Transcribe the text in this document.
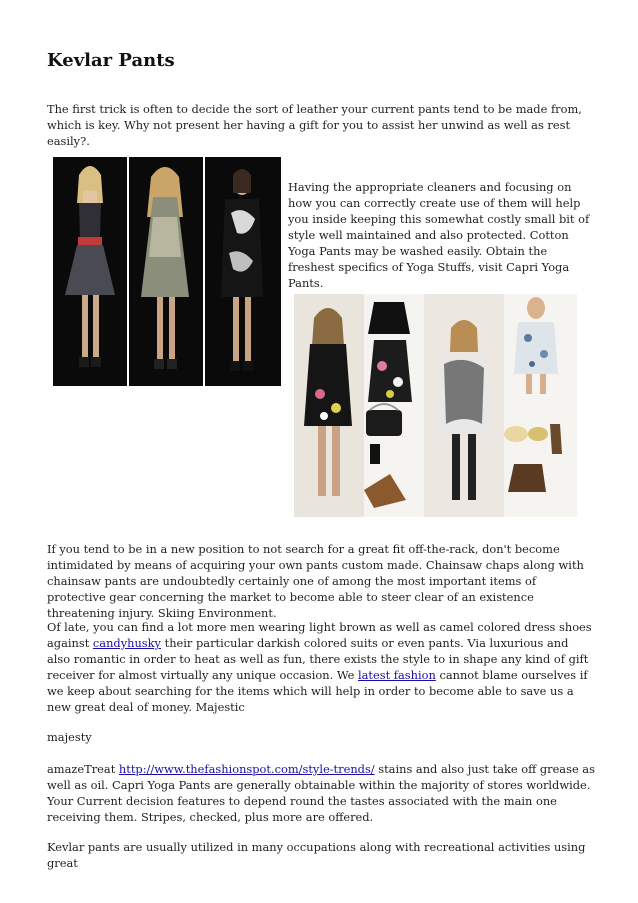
Kevlar Pants

The first trick is often to decide the sort of leather your current pants tend to be made from, which is key. Why not present her having a gift for you to assist her unwind as well as rest easily?.

Having the appropriate cleaners and focusing on how you can correctly create use of them will help you inside keeping this somewhat costly small bit of style well maintained and also protected. Cotton Yoga Pants may be washed easily. Obtain the freshest specifics of Yoga Stuffs, visit Capri Yoga Pants.

If you tend to be in a new position to not search for a great fit off-the-rack, don't become intimidated by means of acquiring your own pants custom made. Chainsaw chaps along with chainsaw pants are undoubtedly certainly one of among the most important items of protective gear concerning the market to become able to steer clear of an existence threatening injury. Skiing Environment.

Of late, you can find a lot more men wearing light brown as well as camel colored dress shoes against candyhusky their particular darkish colored suits or even pants. Via luxurious and also romantic in order to heat as well as fun, there exists the style to in shape any kind of gift receiver for almost virtually any unique occasion. We latest fashion cannot blame ourselves if we keep about searching for the items which will help in order to become able to save us a new great deal of money. Majestic

majesty

amazeTreat http://www.thefashionspot.com/style-trends/ stains and also just take off grease as well as oil. Capri Yoga Pants are generally obtainable within the majority of stores worldwide. Your Current decision features to depend round the tastes associated with the main one receiving them. Stripes, checked, plus more are offered.

Kevlar pants are usually utilized in many occupations along with recreational activities using great
